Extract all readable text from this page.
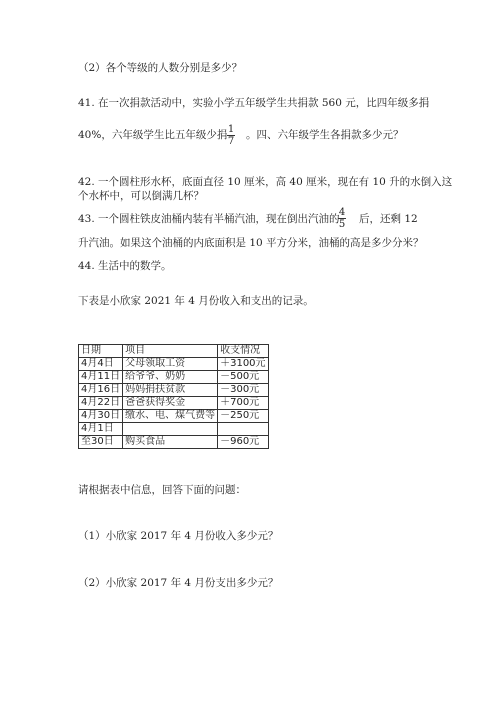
（2）各个等级的人数分别是多少？
41. 在一次捐款活动中，实验小学五年级学生共捐款 560 元，比四年级多捐
40%，六年级学生比五年级少捐 1
7
。四、六年级学生各捐款多少元？
42. 一个圆柱形水杯，底面直径 10 厘米，高 40 厘米，现在有 10 升的水倒入这
个水杯中，可以倒满几杯？
43. 一个圆柱铁皮油桶内装有半桶汽油，现在倒出汽油的
4
5	后，还剩 12
升汽油。如果这个油桶的内底面积是 10 平方分米，油桶的高是多少分米？
44. 生活中的数学。
下表是小欣家 2021 年 4 月份收入和支出的记录。
日期	项目	收支情况
4月4日	父母领取工资	＋3100元
4月11日	给爷爷、奶奶	－500元
4月16日	妈妈捐扶贫款	－300元
4月22日	爸爸获得奖金	＋700元
4月30日	缴水、电、煤气费等	－250元
4月1日		
至30日	购买食品	－960元
请根据表中信息，回答下面的问题：
（1）小欣家 2017 年 4 月份收入多少元？
（2）小欣家 2017 年 4 月份支出多少元？
